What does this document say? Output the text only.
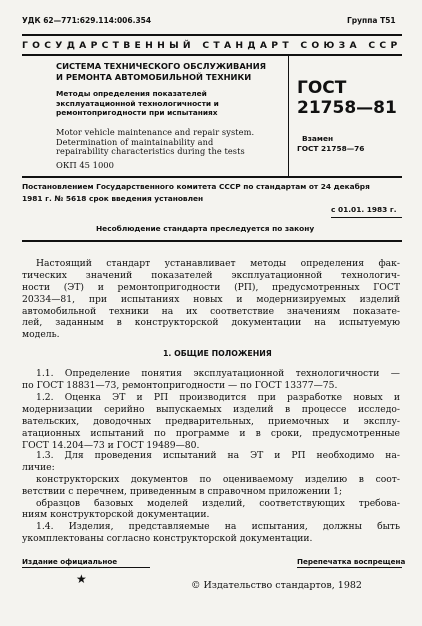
УДК 62—771:629.114:006.354	Группа Т51
ГОСУДАРСТВЕННЫЙ СТАНДАРТ СОЮЗА ССР
СИСТЕМА ТЕХНИЧЕСКОГО ОБСЛУЖИВАНИЯ
И РЕМОНТА АВТОМОБИЛЬНОЙ ТЕХНИКИ
Методы определения показателей
эксплуатационной технологичности и
ремонтопригодности при испытаниях
Motor vehicle maintenance and repair system.
Determination of maintainability and
repairability characteristics during the tests
ОКП 45 1000
ГОСТ
21758—81
Взамен
ГОСТ 21758—76
Постановлением Государственного комитета СССР по стандартам от 24 декабря
1981 г. № 5618 срок введения установлен
с 01.01. 1983 г.
Несоблюдение стандарта преследуется по закону
Настоящий стандарт устанавливает методы определения фак-
тических значений показателей эксплуатационной технологич-
ности (ЭТ) и ремонтопригодности (РП), предусмотренных ГОСТ
20334—81, при испытаниях новых и модернизируемых изделий
автомобильной техники на их соответствие значениям показате-
лей, заданным в конструкторской документации на испытуемую
модель.
1. ОБЩИЕ ПОЛОЖЕНИЯ
1.1. Определение понятия эксплуатационной технологичности —
по ГОСТ 18831—73, ремонтопригодности — по ГОСТ 13377—75.
1.2. Оценка ЭТ и РП производится при разработке новых и
модернизации серийно выпускаемых изделий в процессе исследо-
вательских, доводочных предварительных, приемочных и эксплу-
атационных испытаний по программе и в сроки, предусмотренные
ГОСТ 14.204—73 и ГОСТ 19489—80.
1.3. Для проведения испытаний на ЭТ и РП необходимо на-
личие:
конструкторских документов по оцениваемому изделию в соот-
ветствии с перечнем, приведенным в справочном приложении 1;
образцов базовых моделей изделий, соответствующих требова-
ниям конструкторской документации.
1.4. Изделия, представляемые на испытания, должны быть
укомплектованы согласно конструкторской документации.
Издание официальное	Перепечатка воспрещена
★	© Издательство стандартов, 1982
